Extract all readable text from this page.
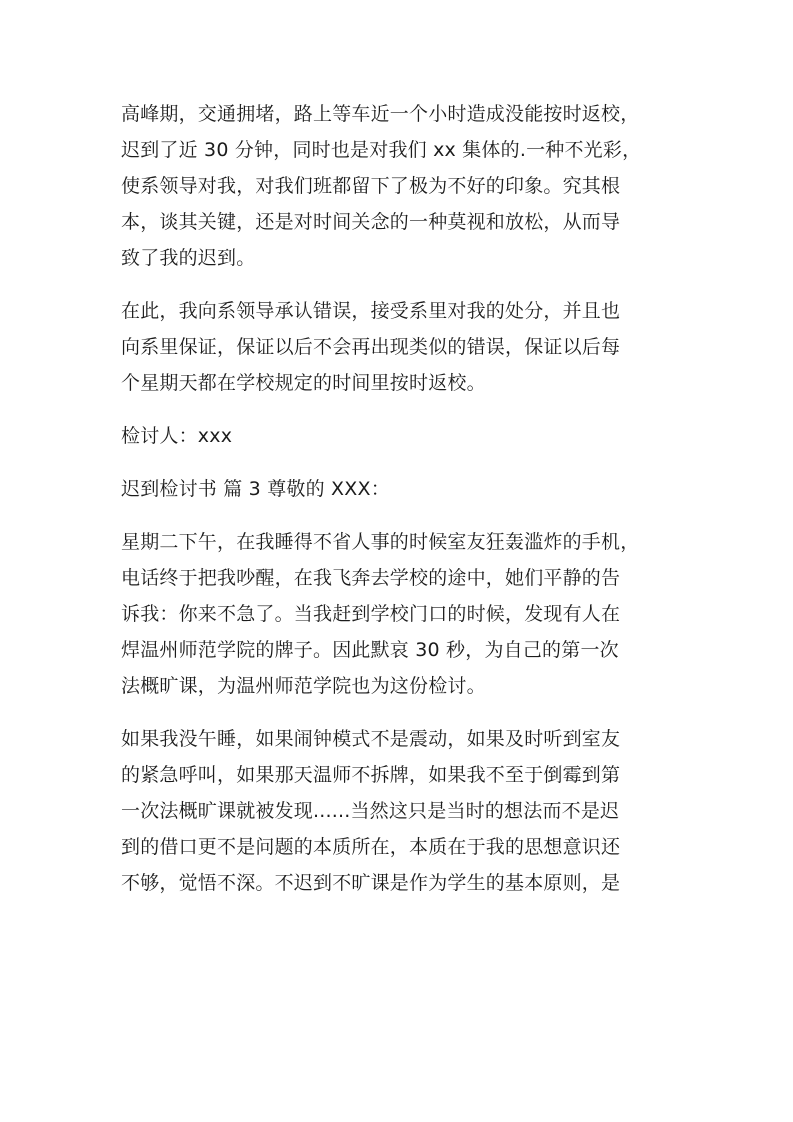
高峰期，交通拥堵，路上等车近一个小时造成没能按时返校，
迟到了近 30 分钟，同时也是对我们 xx 集体的.一种不光彩，
使系领导对我，对我们班都留下了极为不好的印象。究其根
本，谈其关键，还是对时间关念的一种莫视和放松，从而导
致了我的迟到。
在此，我向系领导承认错误，接受系里对我的处分，并且也
向系里保证，保证以后不会再出现类似的错误，保证以后每
个星期天都在学校规定的时间里按时返校。
检讨人：xxx
迟到检讨书 篇 3 尊敬的 XXX：
星期二下午，在我睡得不省人事的时候室友狂轰滥炸的手机，
电话终于把我吵醒，在我飞奔去学校的途中，她们平静的告
诉我：你来不急了。当我赶到学校门口的时候，发现有人在
焊温州师范学院的牌子。因此默哀 30 秒，为自己的第一次
法概旷课，为温州师范学院也为这份检讨。
如果我没午睡，如果闹钟模式不是震动，如果及时听到室友
的紧急呼叫，如果那天温师不拆牌，如果我不至于倒霉到第
一次法概旷课就被发现......当然这只是当时的想法而不是迟
到的借口更不是问题的本质所在，本质在于我的思想意识还
不够，觉悟不深。不迟到不旷课是作为学生的基本原则，是
